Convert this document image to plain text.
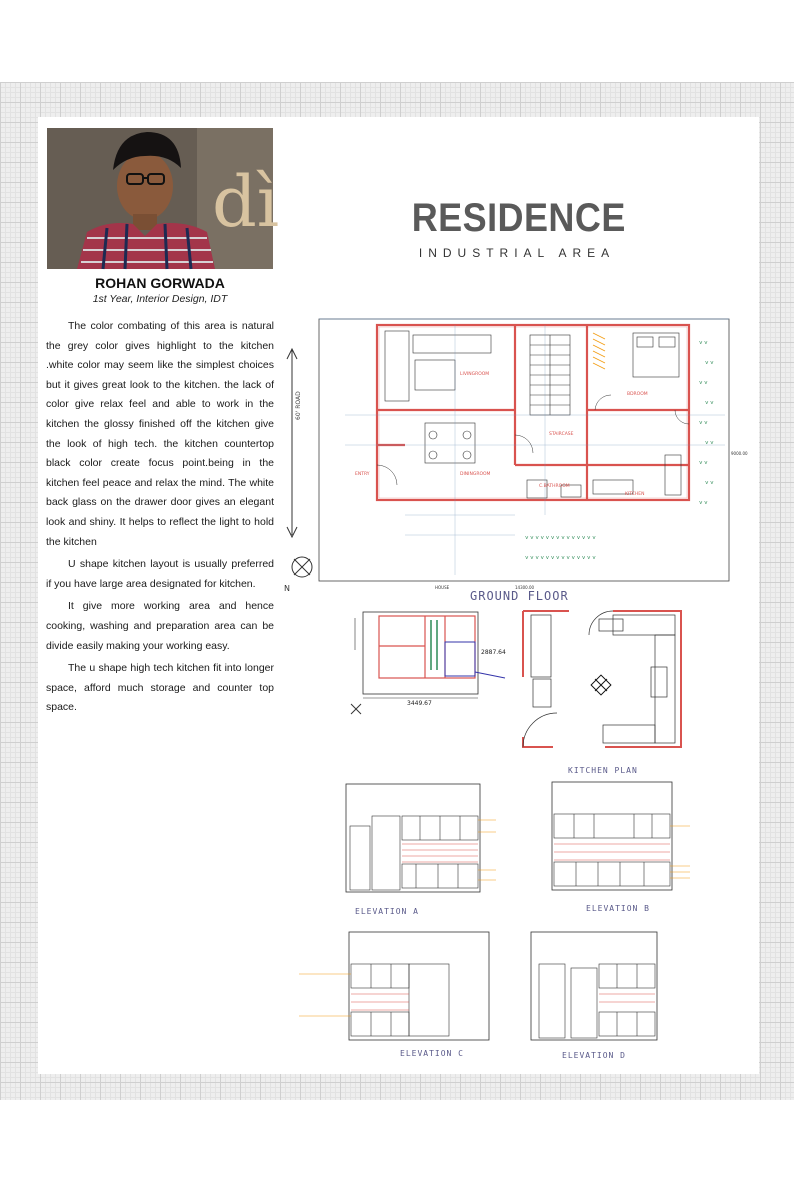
dì
ROHAN GORWADA
1st Year, Interior Design, IDT

The color combating of this area is natural the grey color gives highlight to the kitchen .white color may seem like the simplest choices but it gives great look to the kitchen. the lack of color give relax feel and able to work in the kitchen the glossy finished off the kitchen give the look of high tech. the kitchen countertop black color create focus point.being in the kitchen feel peace and relax the mind. The white back glass on the drawer door gives an elegant look and shiny. It helps to reflect the light to hold the kitchen

U shape kitchen layout is usually preferred if you have large area designated for kitchen.

It give more working area and hence cooking, washing and preparation area can be divide easily making your working easy.

The u shape high tech kitchen fit into longer space, afford much storage and counter top space.

RESIDENCE
INDUSTRIAL AREA
N
60' ROAD
˅ ˅
˅ ˅
˅ ˅
˅ ˅
˅ ˅
˅ ˅
˅ ˅
˅ ˅
˅ ˅
˅ ˅ ˅ ˅ ˅ ˅ ˅ ˅ ˅ ˅ ˅ ˅ ˅ ˅
˅ ˅ ˅ ˅ ˅ ˅ ˅ ˅ ˅ ˅ ˅ ˅ ˅ ˅
LIVINGROOM
BDROOM
STAIRCASE
DININGROOM
C.BATHROOM
KITCHEN
ENTRY
HOUSE	14300.00
9000.00
GROUND FLOOR
3449.67
2887.64
KITCHEN PLAN
ELEVATION A	ELEVATION B
ELEVATION C	ELEVATION D
